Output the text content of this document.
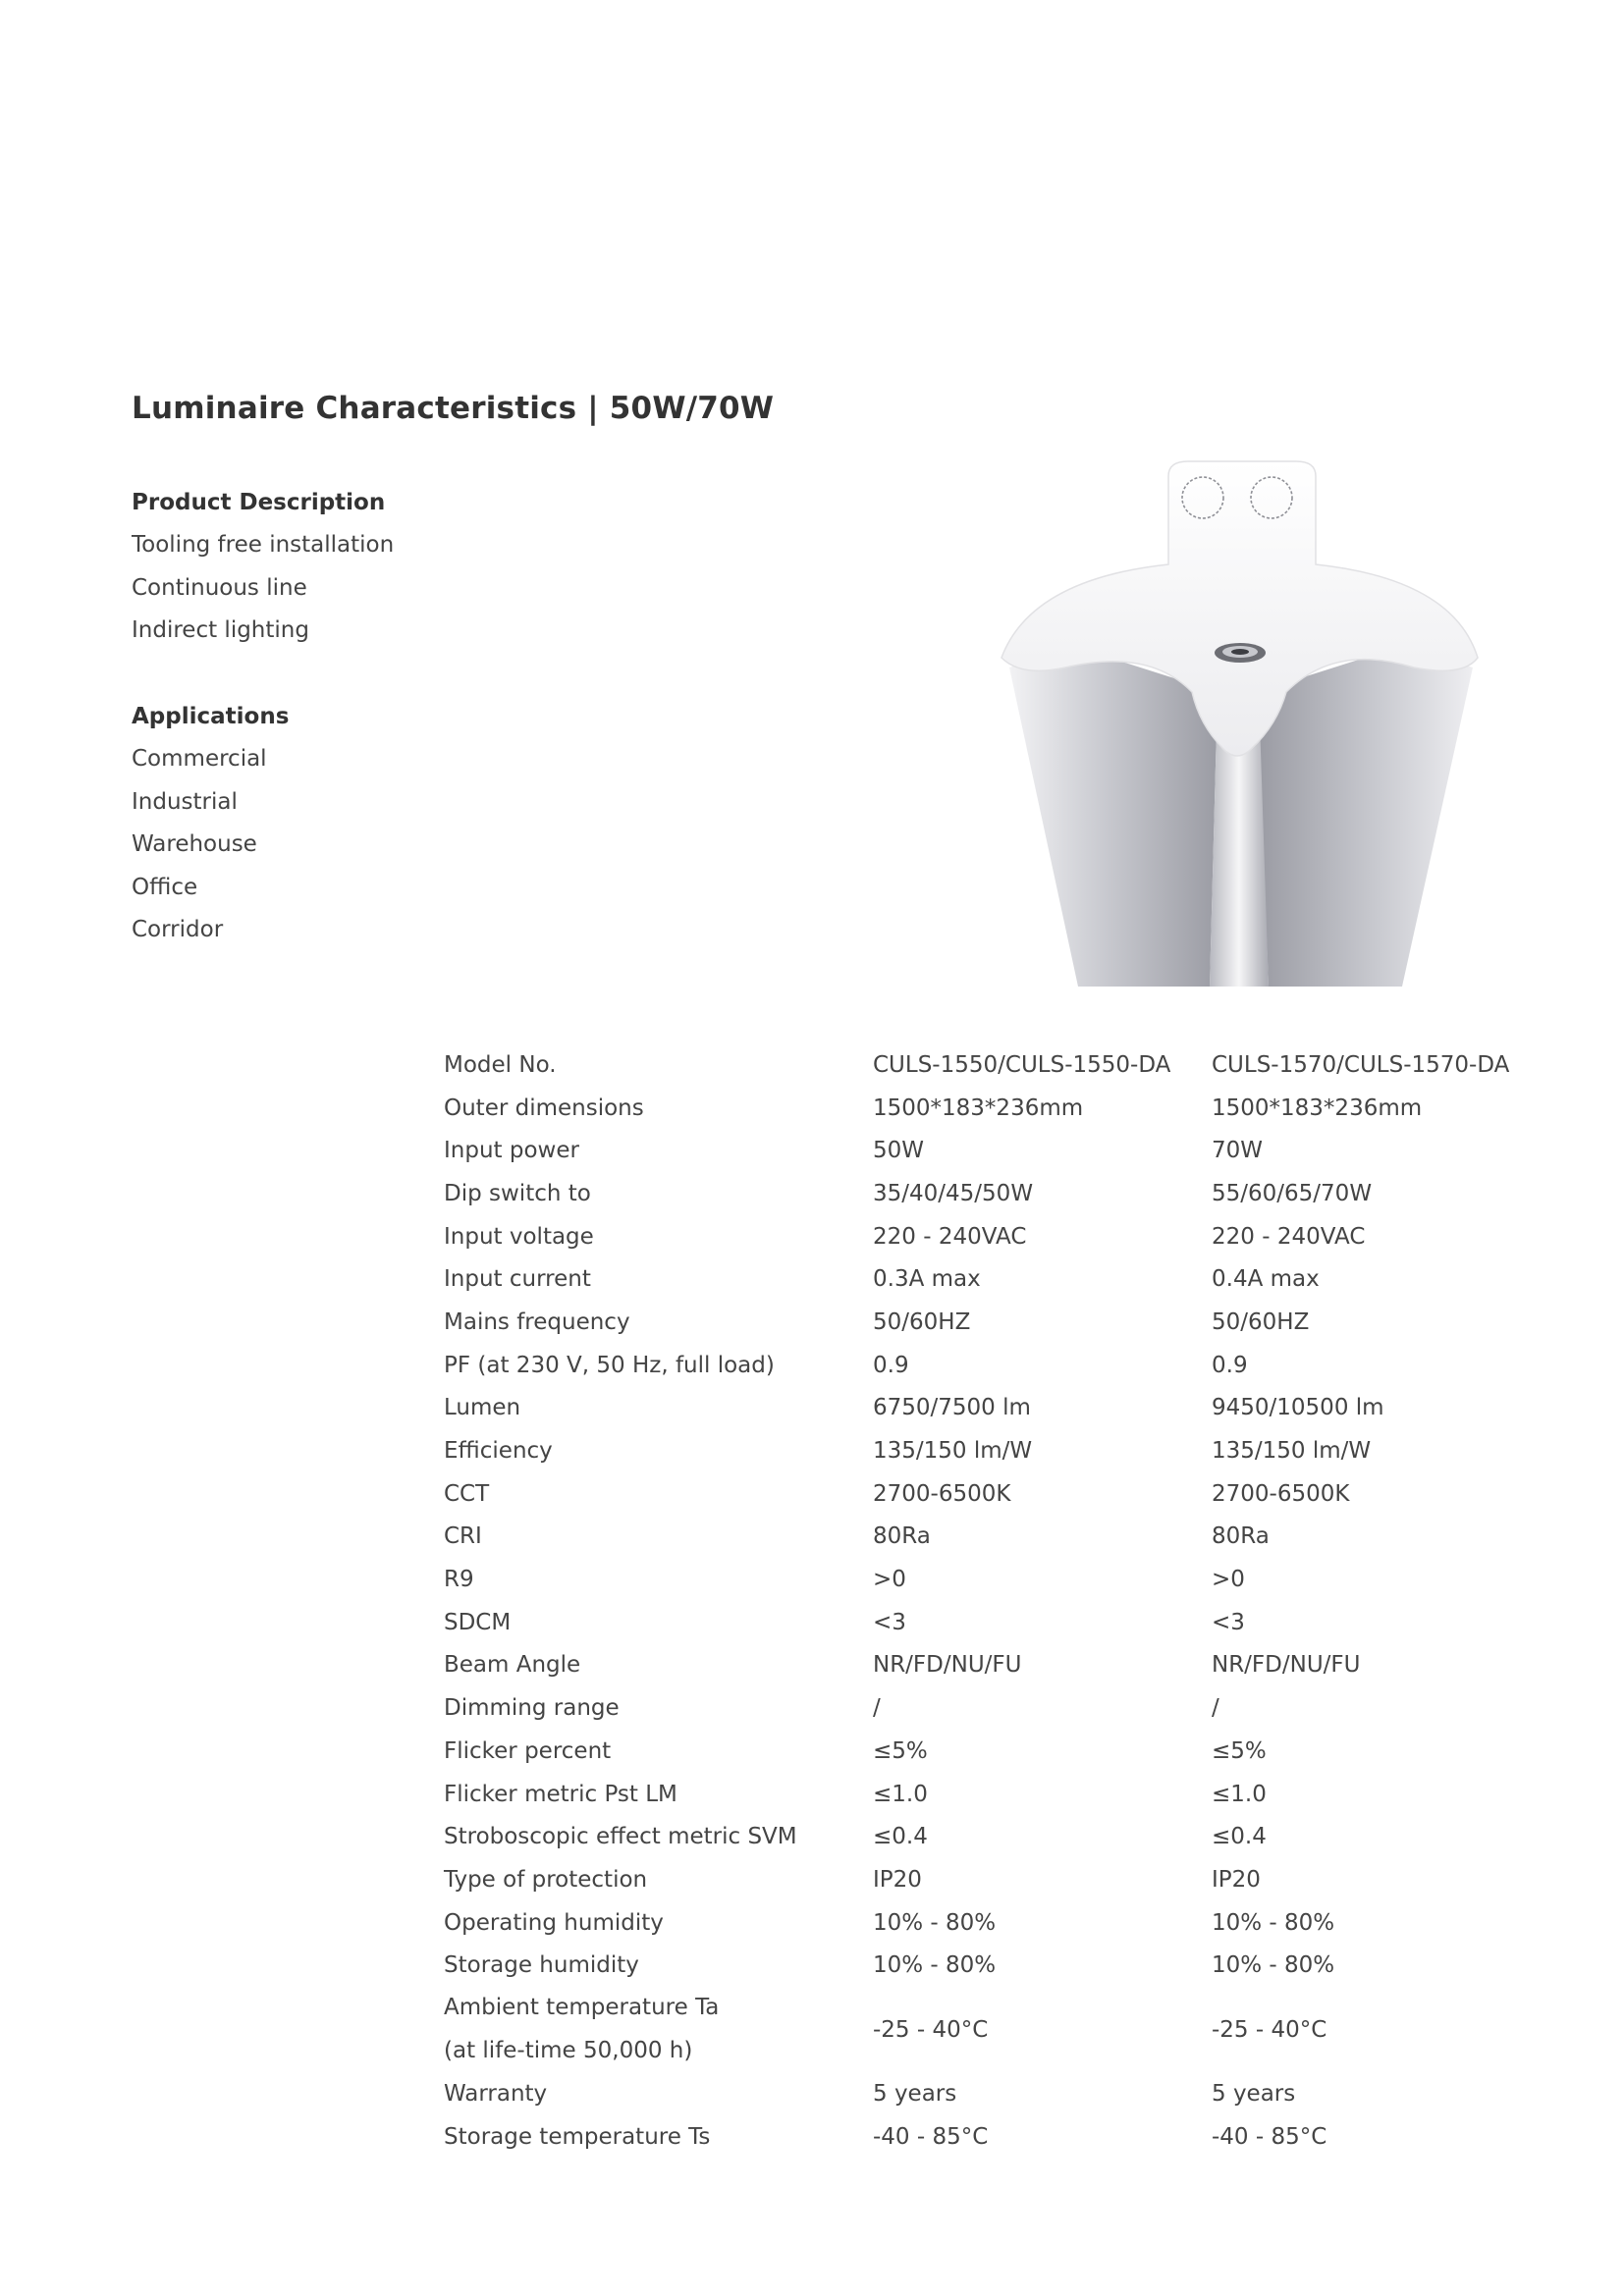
Luminaire Characteristics | 50W/70W
Product Description
Tooling free installation
Continuous line
Indirect lighting
Applications
Commercial
Industrial
Warehouse
Office
Corridor
Model No.	CULS-1550/CULS-1550-DA	CULS-1570/CULS-1570-DA
Outer dimensions	1500*183*236mm	1500*183*236mm
Input power	50W	70W
Dip switch to	35/40/45/50W	55/60/65/70W
Input voltage	220 - 240VAC	220 - 240VAC
Input current	0.3A max	0.4A max
Mains frequency	50/60HZ	50/60HZ
PF (at 230 V, 50 Hz, full load)	0.9	0.9
Lumen	6750/7500 lm	9450/10500 lm
Efficiency	135/150 lm/W	135/150 lm/W
CCT	2700-6500K	2700-6500K
CRI	80Ra	80Ra
R9	>0	>0
SDCM	<3	<3
Beam Angle	NR/FD/NU/FU	NR/FD/NU/FU
Dimming range	/	/
Flicker percent	≤5%	≤5%
Flicker metric Pst LM	≤1.0	≤1.0
Stroboscopic effect metric SVM	≤0.4	≤0.4
Type of protection	IP20	IP20
Operating humidity	10% - 80%	10% - 80%
Storage humidity	10% - 80%	10% - 80%

Ambient temperature Ta
(at life-time 50,000 h)	-25 - 40°C	-25 - 40°C
Warranty	5 years	5 years
Storage temperature Ts	-40 - 85°C	-40 - 85°C
